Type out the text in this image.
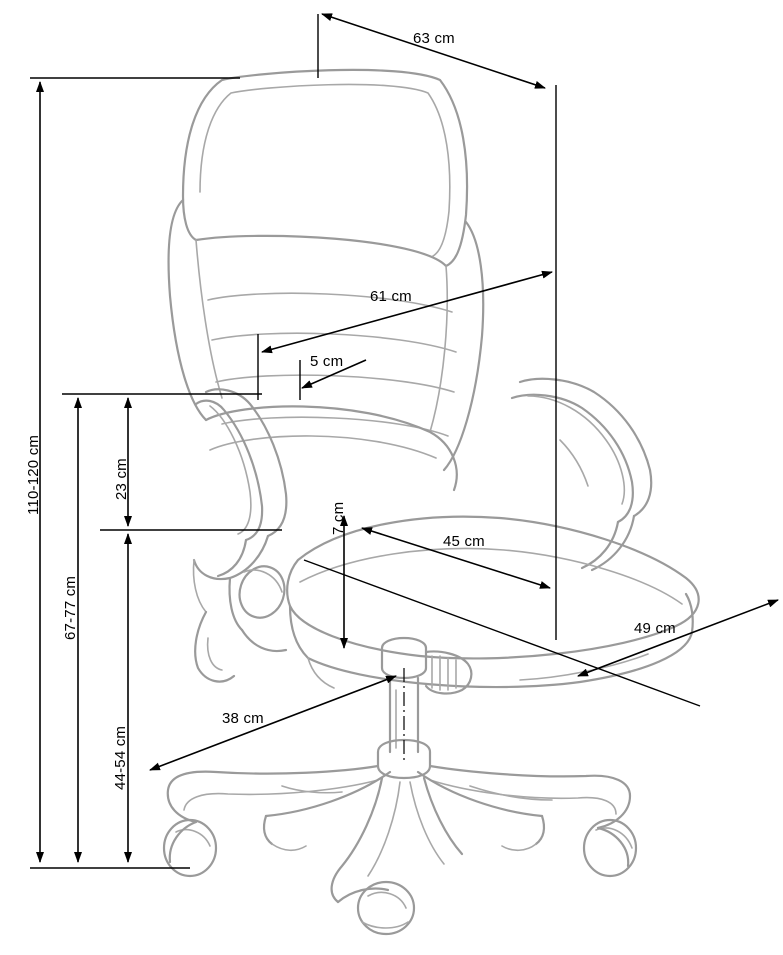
63 cm
61 cm
5 cm
110-120 cm	23 cm
7 cm
45 cm
49 cm
67-77 cm
44-54 cm
38 cm
